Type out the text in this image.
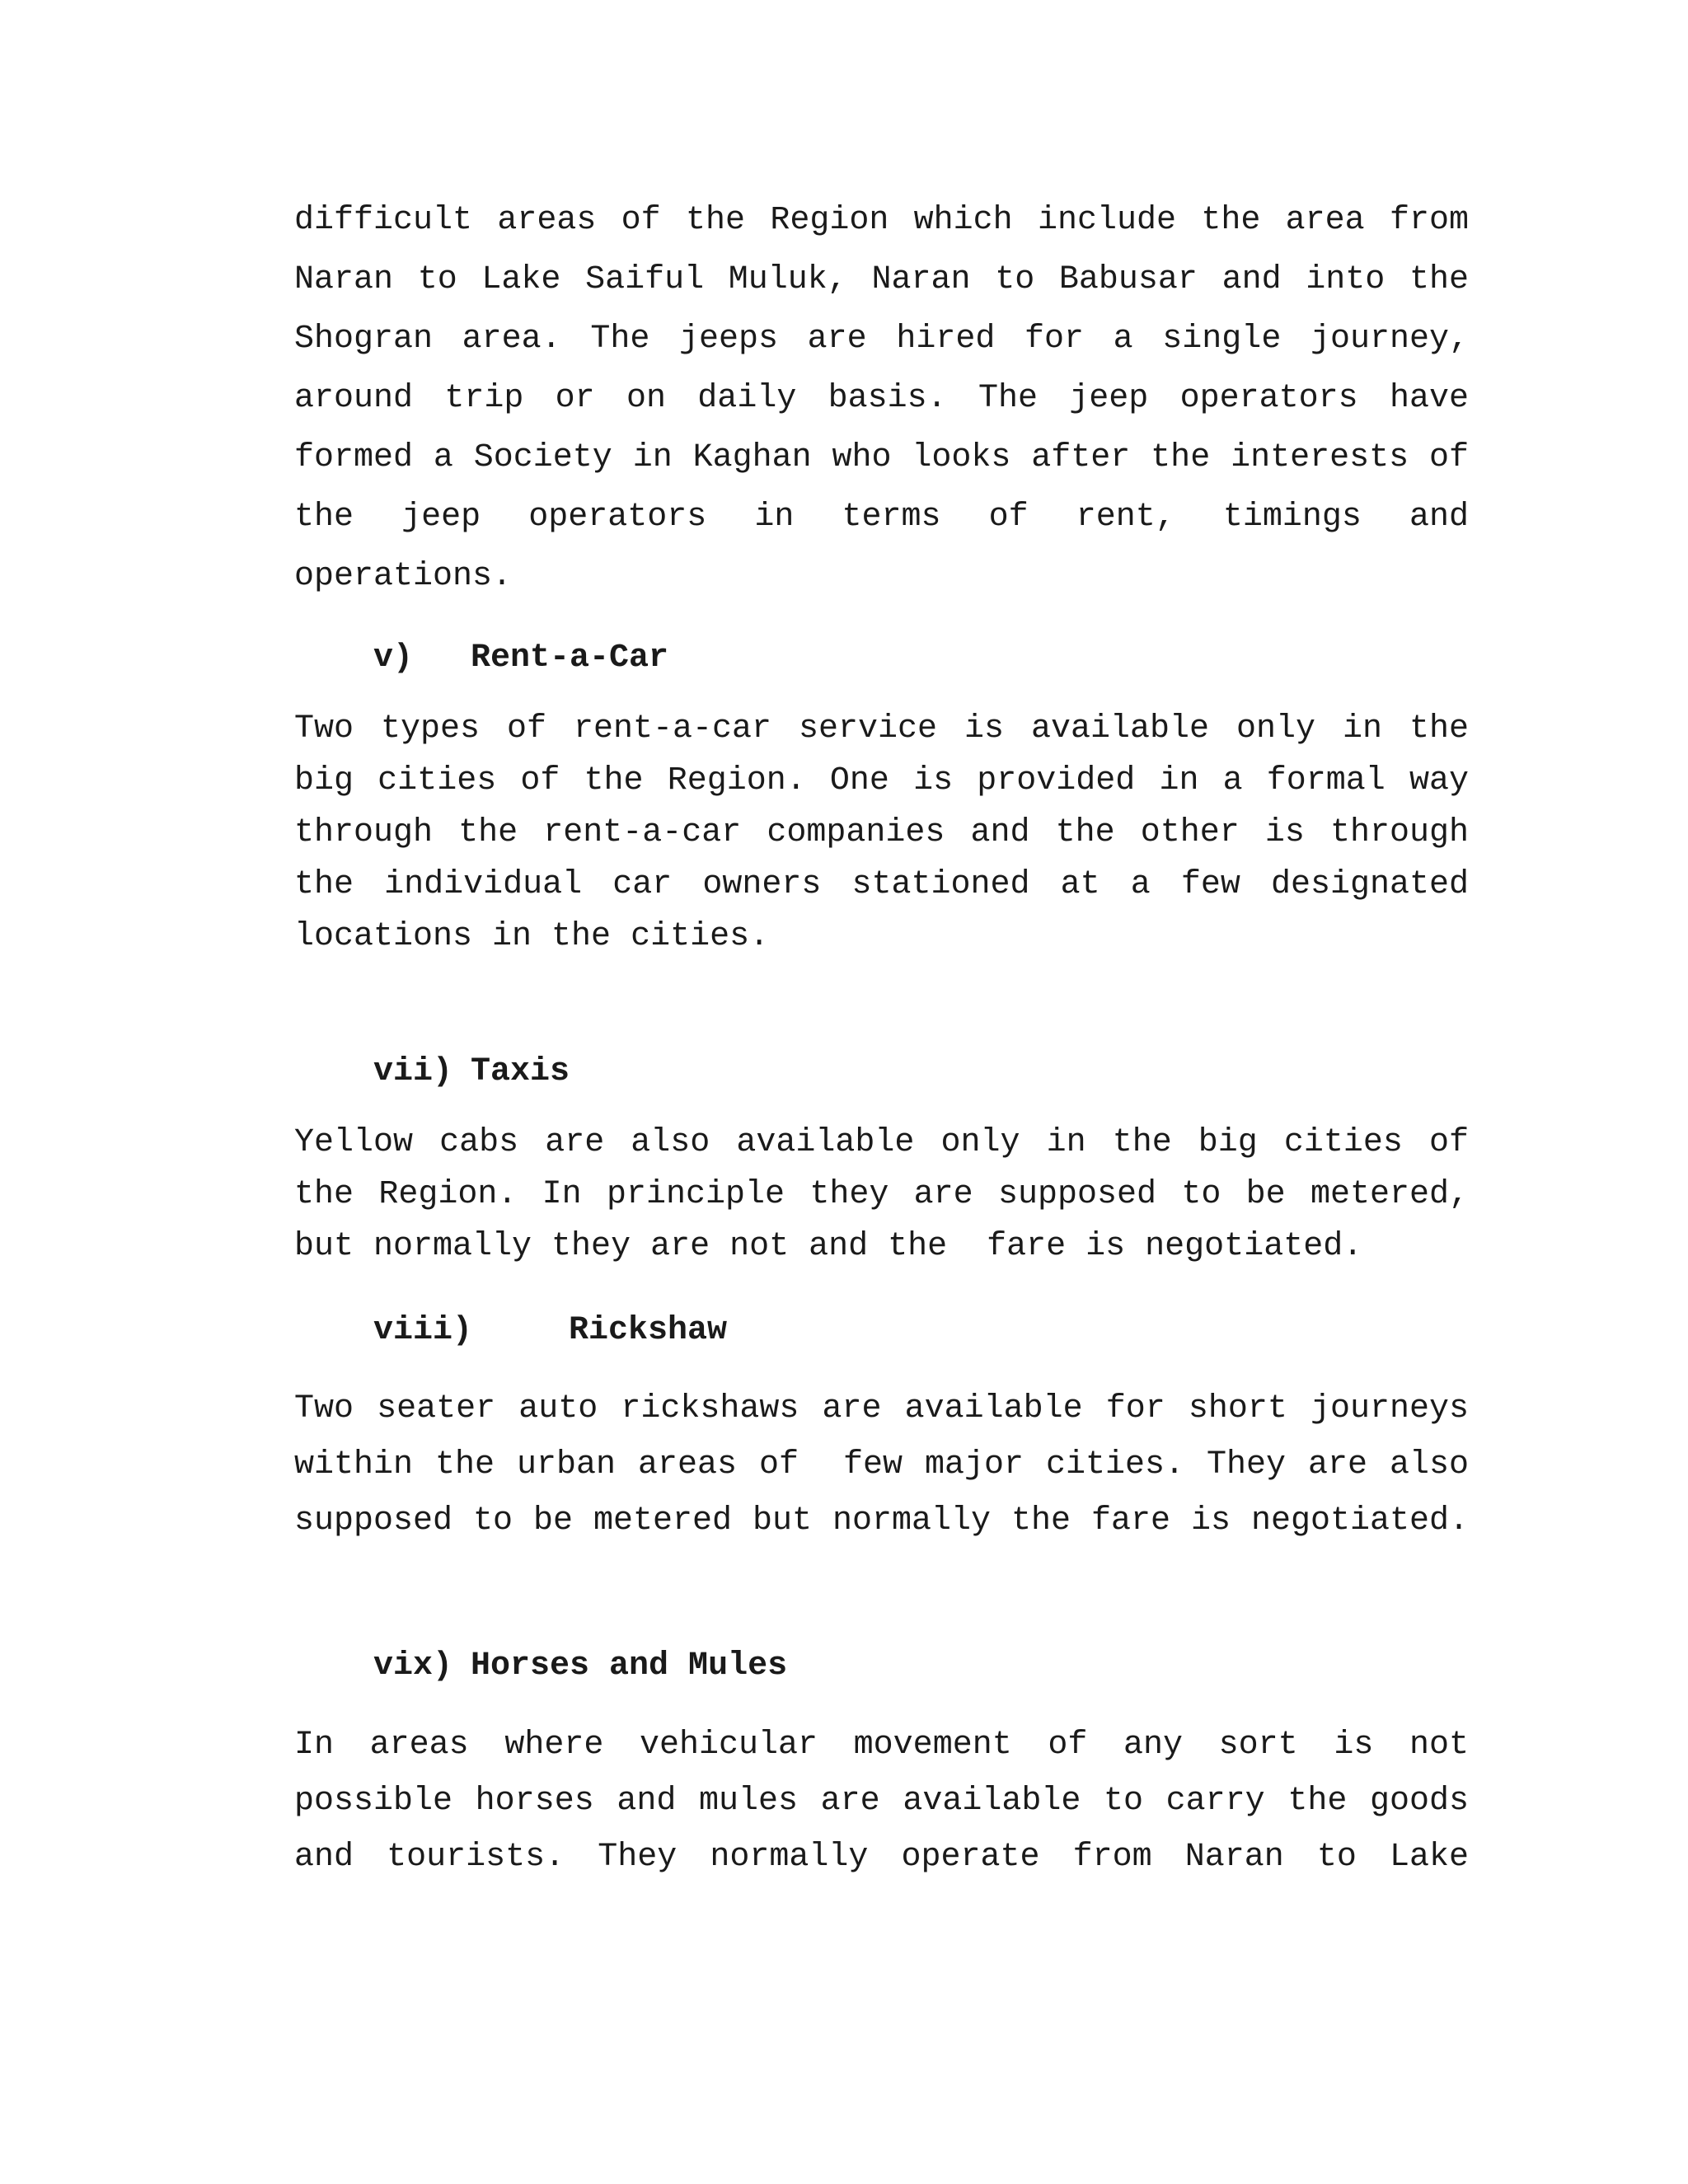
difficult areas of the Region which include the area from
Naran to Lake Saiful Muluk, Naran to Babusar and into the
Shogran area. The jeeps are hired for a single journey,
around trip or on daily basis. The jeep operators have
formed a Society in Kaghan who looks after the interests of
the jeep operators in terms of rent, timings and operations.

v) Rent-a-Car

Two types of rent-a-car service is available only in the
big cities of the Region. One is provided in a formal way
through the rent-a-car companies and the other is through
the individual car owners stationed at a few designated
locations in the cities.

vii) Taxis

Yellow cabs are also available only in the big cities of
the Region. In principle they are supposed to be metered,
but normally they are not and the  fare is negotiated.

viii)	Rickshaw

Two seater auto rickshaws are available for short journeys
within the urban areas of  few major cities. They are also
supposed to be metered but normally the fare is negotiated.

vix) Horses and Mules

In areas where vehicular movement of any sort is not
possible horses and mules are available to carry the goods
and tourists. They normally operate from Naran to Lake
